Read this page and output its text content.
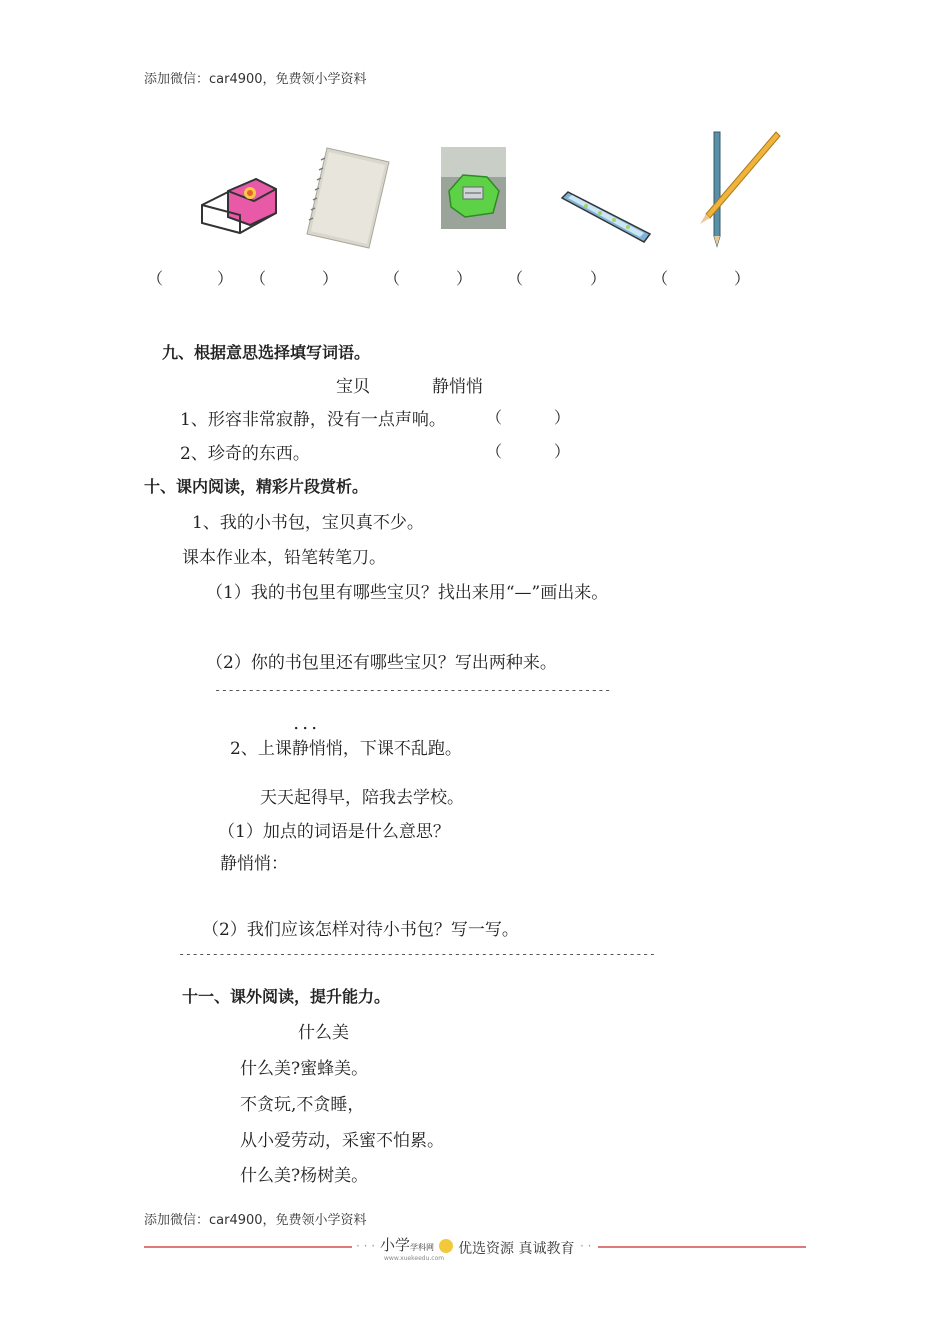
添加微信：car4900，免费领小学资料
（	） （	）	（	） （	）	（	）
九、根据意思选择填写词语。
宝贝	静悄悄
1、形容非常寂静，没有一点声响。	（	）
2、珍奇的东西。	（	）
十、课内阅读，精彩片段赏析。
1、我的小书包，宝贝真不少。
课本作业本，铅笔转笔刀。
（1）我的书包里有哪些宝贝？找出来用“—”画出来。
（2）你的书包里还有哪些宝贝？写出两种来。
-----------------------------------------------------------
．．．
2、上课静悄悄，下课不乱跑。
天天起得早，陪我去学校。
（1）加点的词语是什么意思？
静悄悄：
（2）我们应该怎样对待小书包？写一写。
-----------------------------------------------------------------------
十一、课外阅读，提升能力。
什么美
什么美?蜜蜂美。
不贪玩,不贪睡，
从小爱劳动，采蜜不怕累。
什么美?杨树美。
添加微信：car4900，免费领小学资料
· · · 小学学科网
www.xuekeedu.com
优选资源 真诚教育 · ·
